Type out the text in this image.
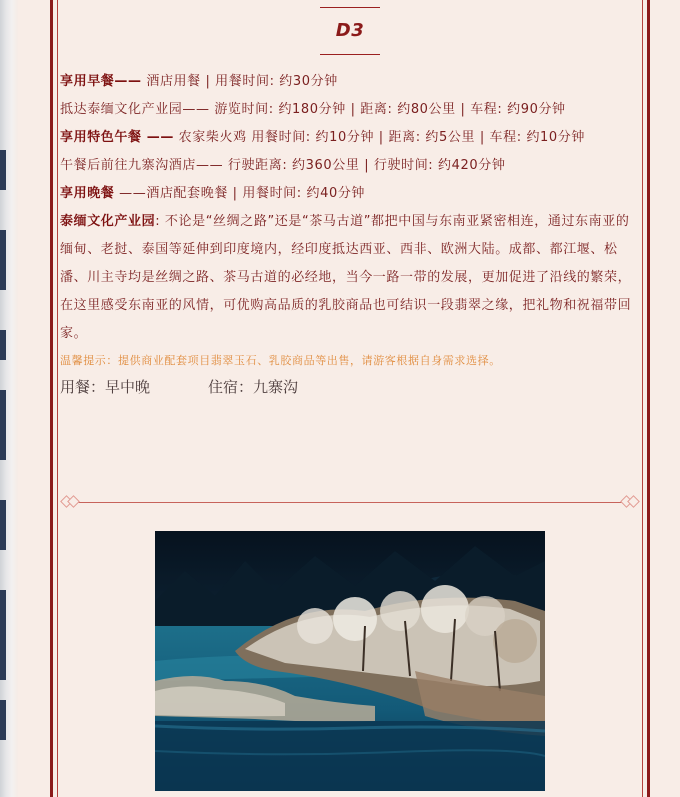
D3

享用早餐—— 酒店用餐 | 用餐时间: 约30分钟

抵达泰缅文化产业园—— 游览时间: 约180分钟 | 距离: 约80公里 | 车程: 约90分钟

享用特色午餐 —— 农家柴火鸡 用餐时间: 约10分钟 | 距离: 约5公里 | 车程: 约10分钟

午餐后前往九寨沟酒店—— 行驶距离: 约360公里 | 行驶时间: 约420分钟

享用晚餐 ——酒店配套晚餐 | 用餐时间: 约40分钟

泰缅文化产业园: 不论是“丝绸之路”还是“茶马古道”都把中国与东南亚紧密相连，通过东南亚的缅甸、老挝、泰国等延伸到印度境内，经印度抵达西亚、西非、欧洲大陆。成都、都江堰、松潘、川主寺均是丝绸之路、茶马古道的必经地，当今一路一带的发展，更加促进了沿线的繁荣，在这里感受东南亚的风情，可优购高品质的乳胶商品也可结识一段翡翠之缘，把礼物和祝福带回家。

温馨提示：提供商业配套项目翡翠玉石、乳胶商品等出售，请游客根据自身需求选择。

用餐：早中晚	住宿：九寨沟
